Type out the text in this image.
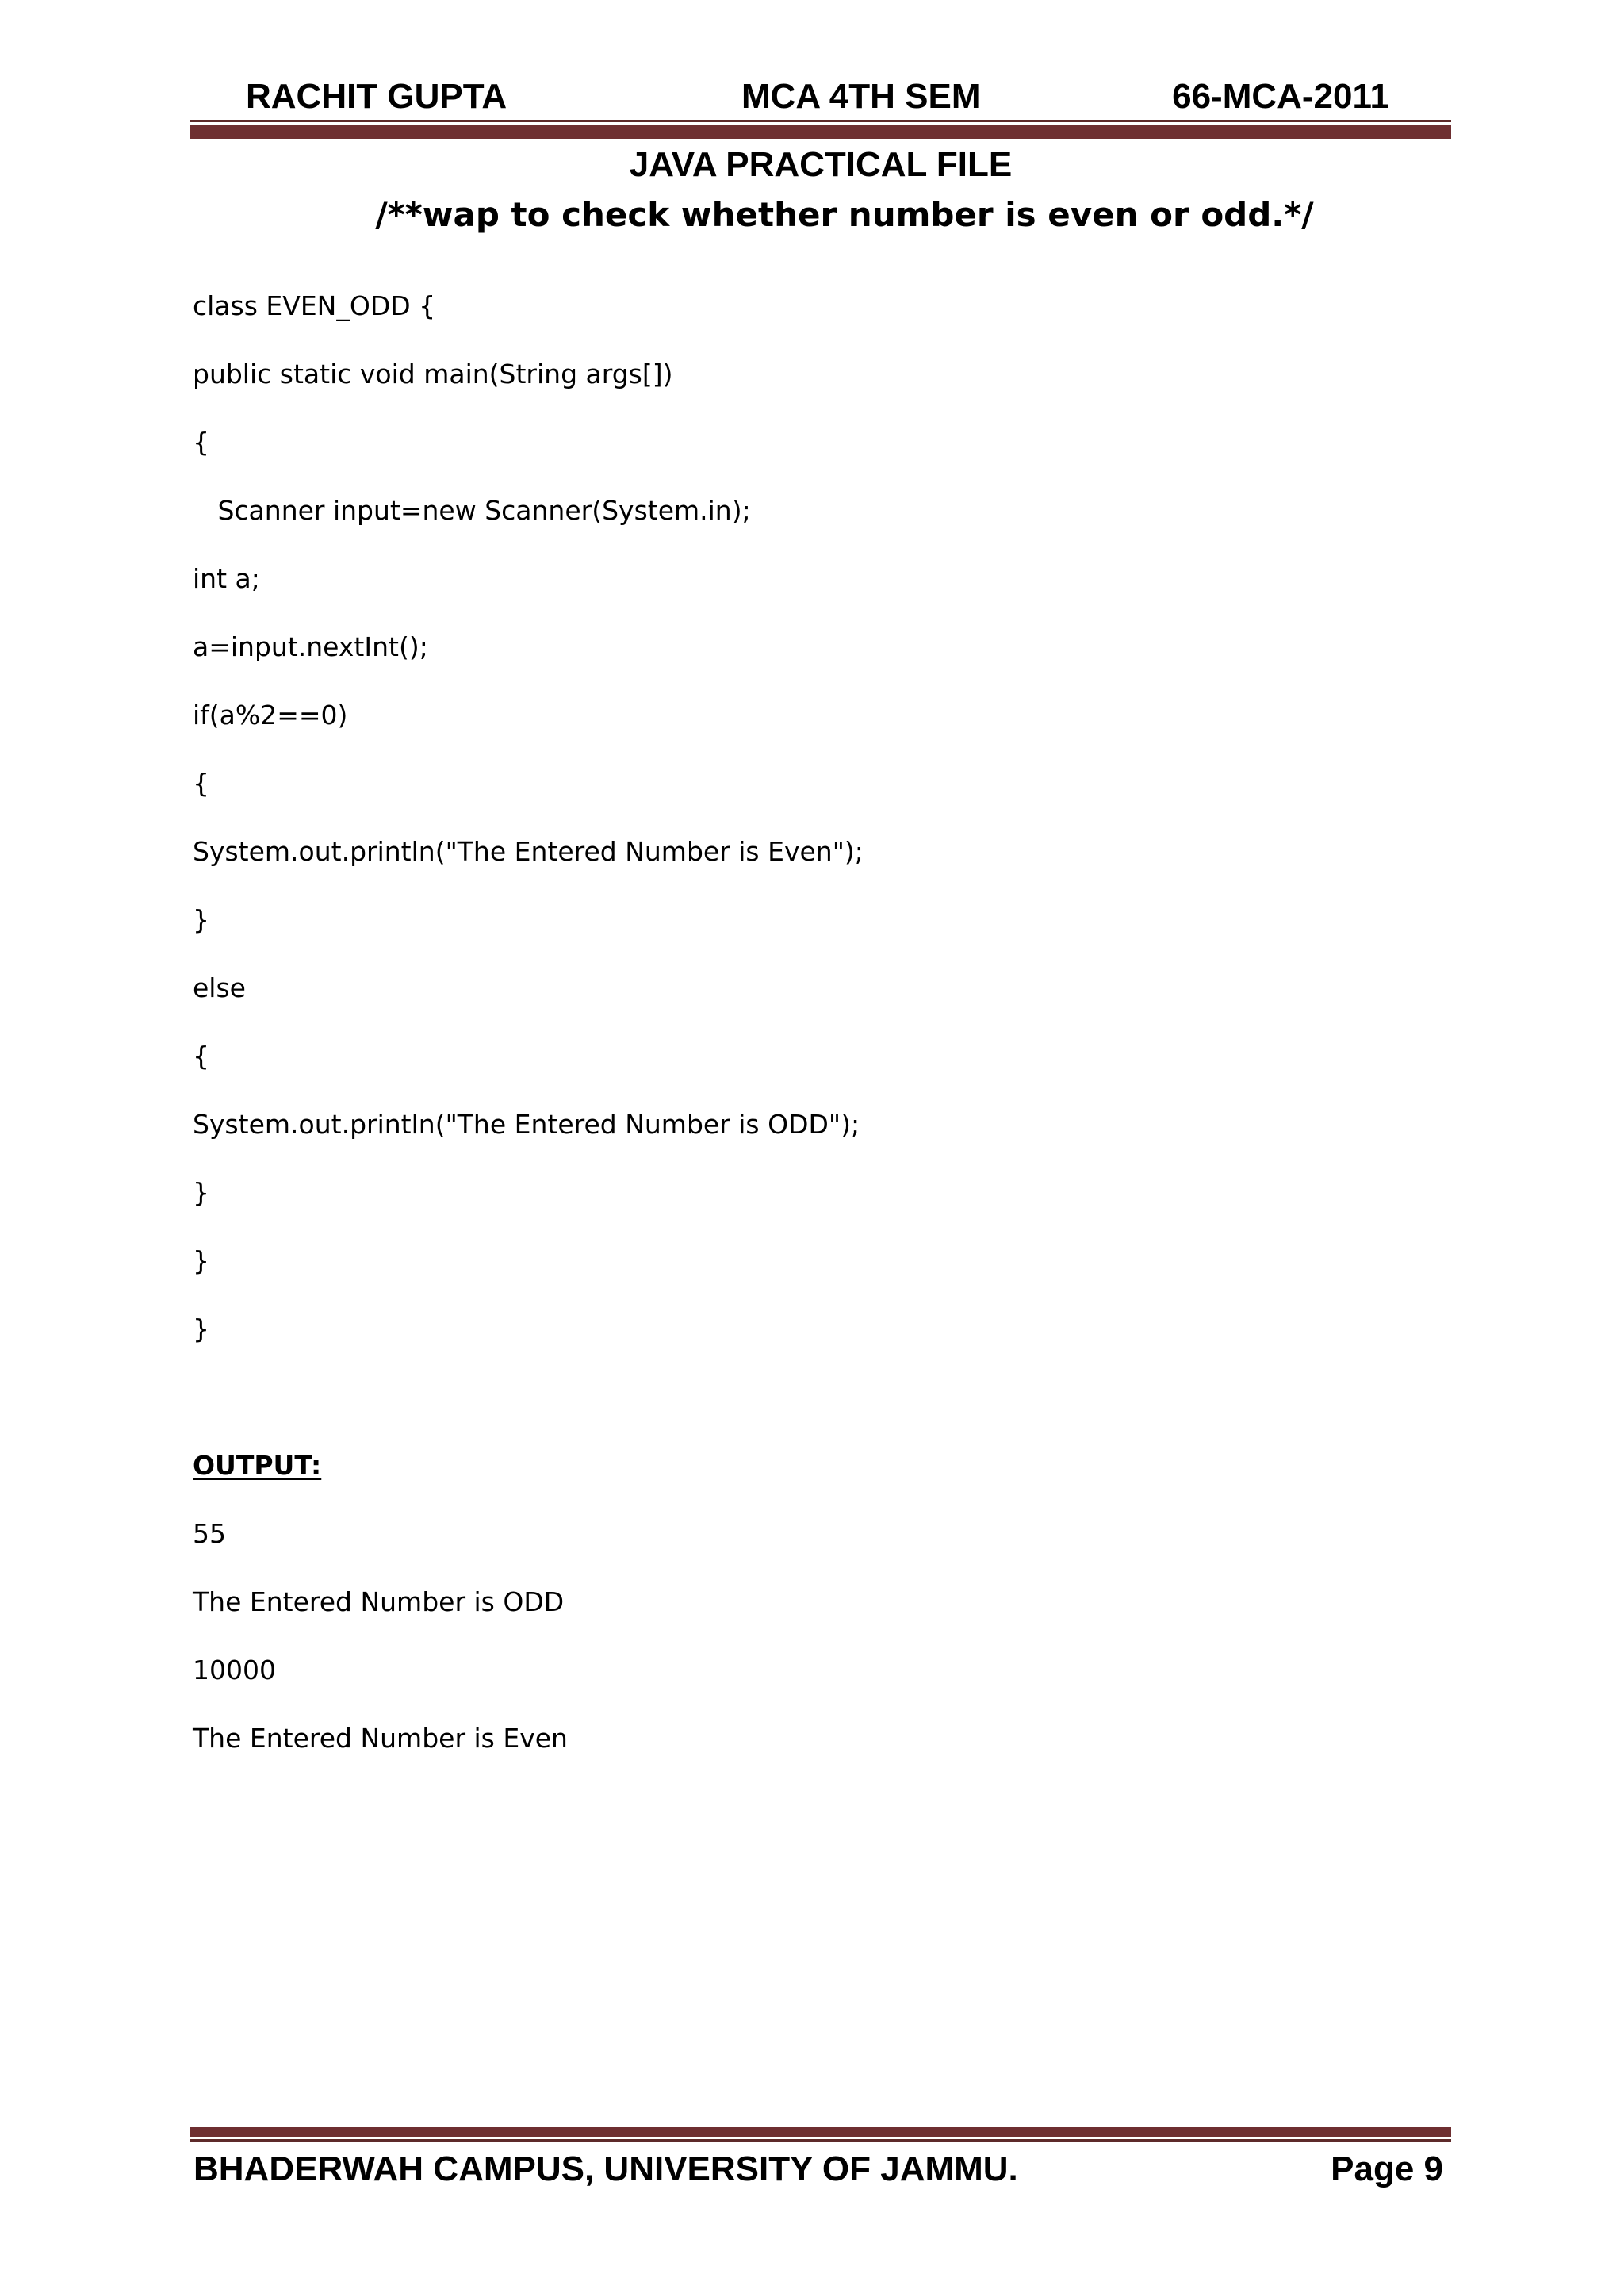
RACHIT GUPTA	MCA 4TH SEM	66-MCA-2011
JAVA PRACTICAL FILE
/**wap to check whether number is even or odd.*/
class EVEN_ODD {
public static void main(String args[])
{
Scanner input=new Scanner(System.in);
int a;
a=input.nextInt();
if(a%2==0)
{
System.out.println("The Entered Number is Even");
}
else
{
System.out.println("The Entered Number is ODD");
}
}
}
OUTPUT:
55
The Entered Number is ODD
10000
The Entered Number is Even
BHADERWAH CAMPUS, UNIVERSITY OF JAMMU.	Page 9
